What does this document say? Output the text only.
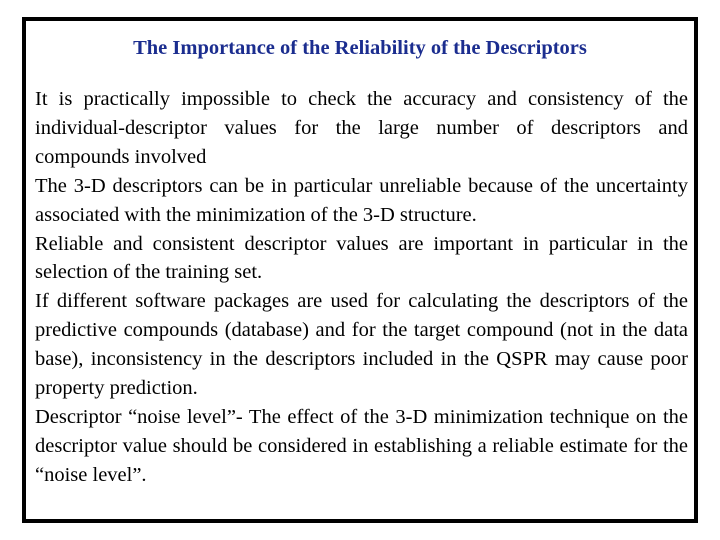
The Importance of the Reliability of the Descriptors

It is practically impossible to check the accuracy and consistency of the individual-descriptor values for the large number of descriptors and compounds involved

The 3-D descriptors can be in particular unreliable because of the uncertainty associated with the minimization of the 3-D structure.

Reliable and consistent descriptor values are important in particular in the selection of the training set.

If different software packages are used for calculating the descriptors of the predictive compounds (database) and for the target compound (not in the data base), inconsistency in the descriptors included in the QSPR may cause poor property prediction.

Descriptor “noise level”- The effect of the 3-D minimization technique on the descriptor value should be considered in establishing a reliable estimate for the “noise level”.
